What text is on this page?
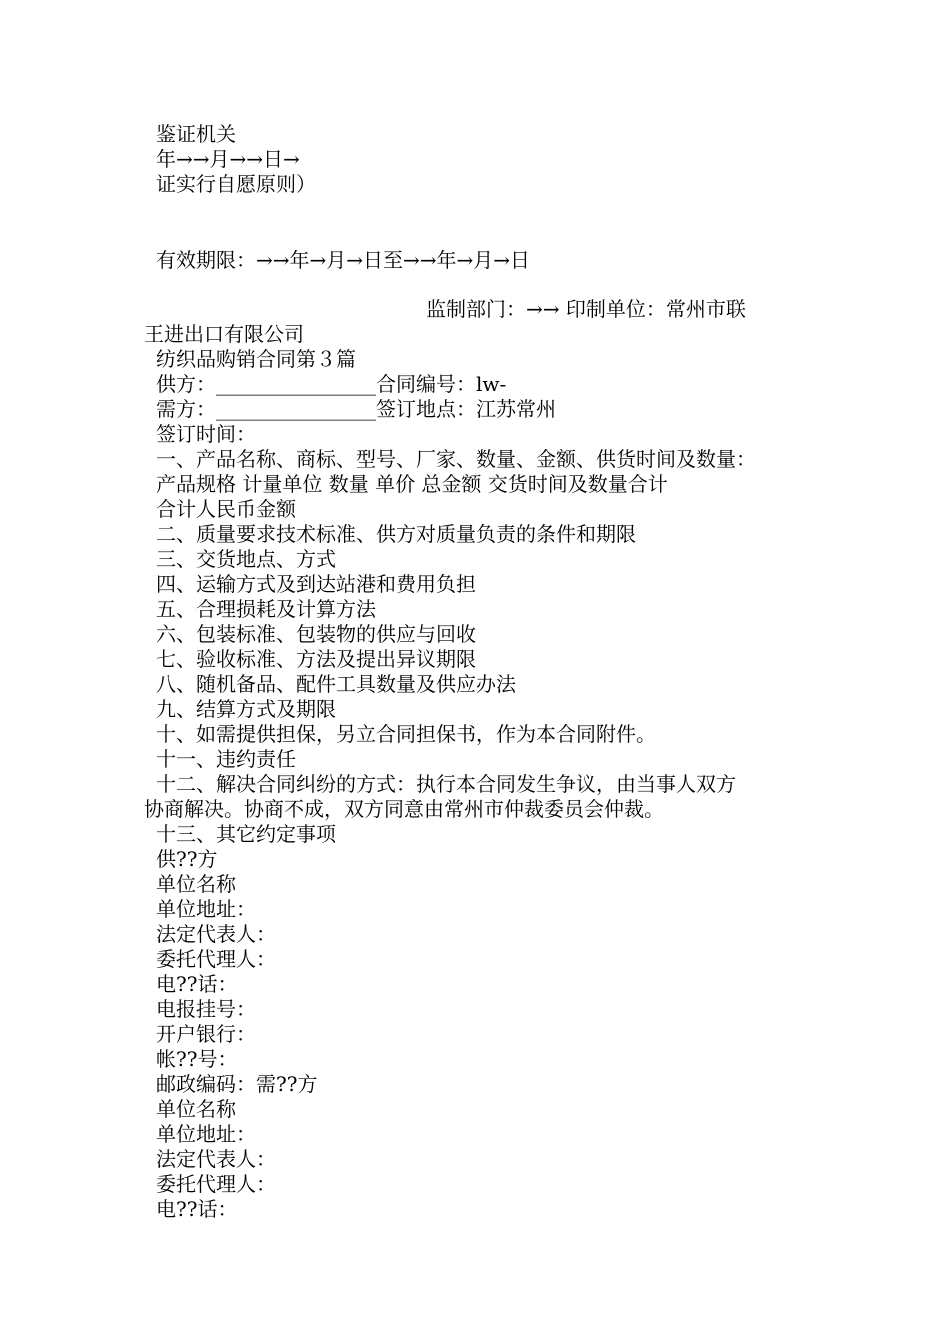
鉴证机关
年→→月→→日→
证实行自愿原则）
有效期限：→→年→月→日至→→年→月→日
监制部门：→→ 印制单位：常州市联
王进出口有限公司
纺织品购销合同第３篇
供方：________________合同编号：lw-
需方：________________签订地点：江苏常州
签订时间：
一、产品名称、商标、型号、厂家、数量、金额、供货时间及数量：
产品规格 计量单位 数量 单价 总金额 交货时间及数量合计
合计人民币金额
二、质量要求技术标准、供方对质量负责的条件和期限
三、交货地点、方式
四、运输方式及到达站港和费用负担
五、合理损耗及计算方法
六、包装标准、包装物的供应与回收
七、验收标准、方法及提出异议期限
八、随机备品、配件工具数量及供应办法
九、结算方式及期限
十、如需提供担保，另立合同担保书，作为本合同附件。
十一、违约责任
十二、解决合同纠纷的方式：执行本合同发生争议，由当事人双方
协商解决。协商不成，双方同意由常州市仲裁委员会仲裁。
十三、其它约定事项
供??方
单位名称
单位地址：
法定代表人：
委托代理人：
电??话：
电报挂号：
开户银行：
帐??号：
邮政编码：需??方
单位名称
单位地址：
法定代表人：
委托代理人：
电??话：
